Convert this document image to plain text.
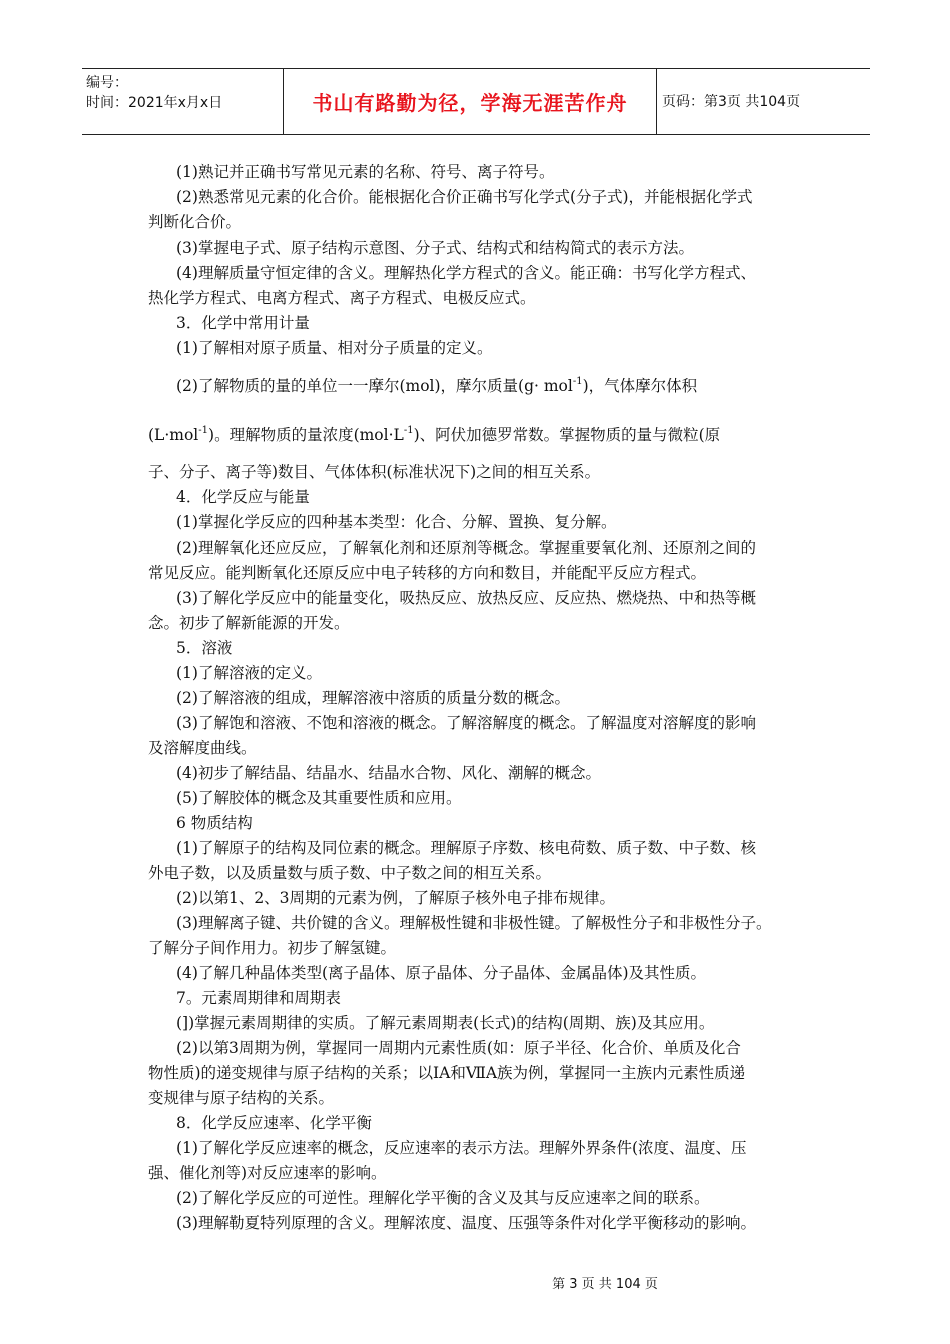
编号：
时间：2021年x月x日	书山有路勤为径，学海无涯苦作舟	页码：第3页 共104页
(1)熟记并正确书写常见元素的名称、符号、离子符号。
(2)熟悉常见元素的化合价。能根据化合价正确书写化学式(分子式)，并能根据化学式
判断化合价。
(3)掌握电子式、原子结构示意图、分子式、结构式和结构简式的表示方法。
(4)理解质量守恒定律的含义。理解热化学方程式的含义。能正确：书写化学方程式、
热化学方程式、电离方程式、离子方程式、电极反应式。
3．化学中常用计量
(1)了解相对原子质量、相对分子质量的定义。
(2)了解物质的量的单位一一摩尔(mol)，摩尔质量(g· mol$^{-1}$)，气体摩尔体积
(L·mol$^{-1}$)。理解物质的量浓度$(mol\cdot L^{-1})$、阿伏加德罗常数。掌握物质的量与微粒(原
子、分子、离子等)数目、气体体积(标准状况下)之间的相互关系。
4．化学反应与能量
(1)掌握化学反应的四种基本类型：化合、分解、置换、复分解。
(2)理解氧化还应反应，了解氧化剂和还原剂等概念。掌握重要氧化剂、还原剂之间的
常见反应。能判断氧化还原反应中电子转移的方向和数目，并能配平反应方程式。
(3)了解化学反应中的能量变化，吸热反应、放热反应、反应热、燃烧热、中和热等概
念。初步了解新能源的开发。
5．溶液
(1)了解溶液的定义。
(2)了解溶液的组成，理解溶液中溶质的质量分数的概念。
(3)了解饱和溶液、不饱和溶液的概念。了解溶解度的概念。了解温度对溶解度的影响
及溶解度曲线。
(4)初步了解结晶、结晶水、结晶水合物、风化、潮解的概念。
(5)了解胶体的概念及其重要性质和应用。
6 物质结构
(1)了解原子的结构及同位素的概念。理解原子序数、核电荷数、质子数、中子数、核
外电子数，以及质量数与质子数、中子数之间的相互关系。
(2)以第1、2、3周期的元素为例，了解原子核外电子排布规律。
(3)理解离子键、共价键的含义。理解极性键和非极性键。了解极性分子和非极性分子。
了解分子间作用力。初步了解氢键。
(4)了解几种晶体类型(离子晶体、原子晶体、分子晶体、金属晶体)及其性质。
7。元素周期律和周期表
(])掌握元素周期律的实质。了解元素周期表(长式)的结构(周期、族)及其应用。
(2)以第3周期为例，掌握同一周期内元素性质(如：原子半径、化合价、单质及化合
物性质)的递变规律与原子结构的关系；以IA和ⅦA族为例，掌握同一主族内元素性质递
变规律与原子结构的关系。
8．化学反应速率、化学平衡
(1)了解化学反应速率的概念，反应速率的表示方法。理解外界条件(浓度、温度、压
强、催化剂等)对反应速率的影响。
(2)了解化学反应的可逆性。理解化学平衡的含义及其与反应速率之间的联系。
(3)理解勒夏特列原理的含义。理解浓度、温度、压强等条件对化学平衡移动的影响。
第 3 页 共 104 页
